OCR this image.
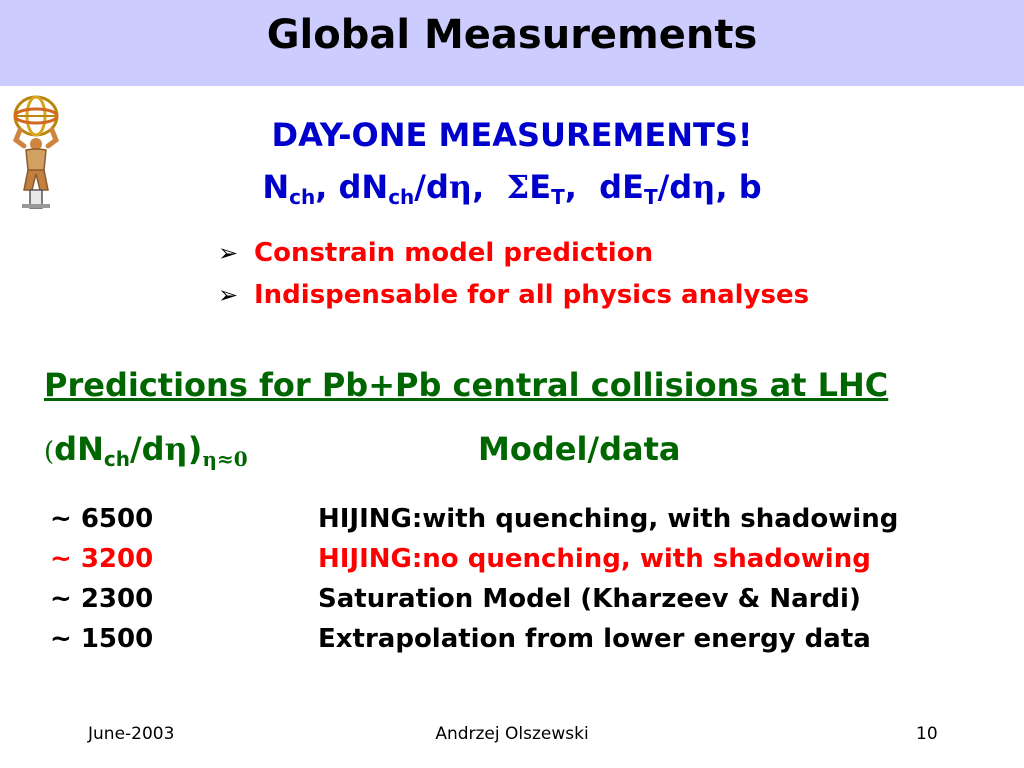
Global Measurements
DAY-ONE MEASUREMENTS!
$N_{ch}$, $dN_{ch}/d\eta$,  $\Sigma E_T$,  $dE_T/d\eta$, b
➢ Constrain model prediction
➢ Indispensable for all physics analyses
Predictions for Pb+Pb central collisions at LHC
$(dN_{ch}/d\eta)_{\eta\approx 0}$	Model/data
~ 6500	HIJING:with quenching, with shadowing
~ 3200	HIJING:no quenching, with shadowing
~ 2300	Saturation Model (Kharzeev & Nardi)
~ 1500	Extrapolation from lower energy data
June-2003	Andrzej Olszewski	10
